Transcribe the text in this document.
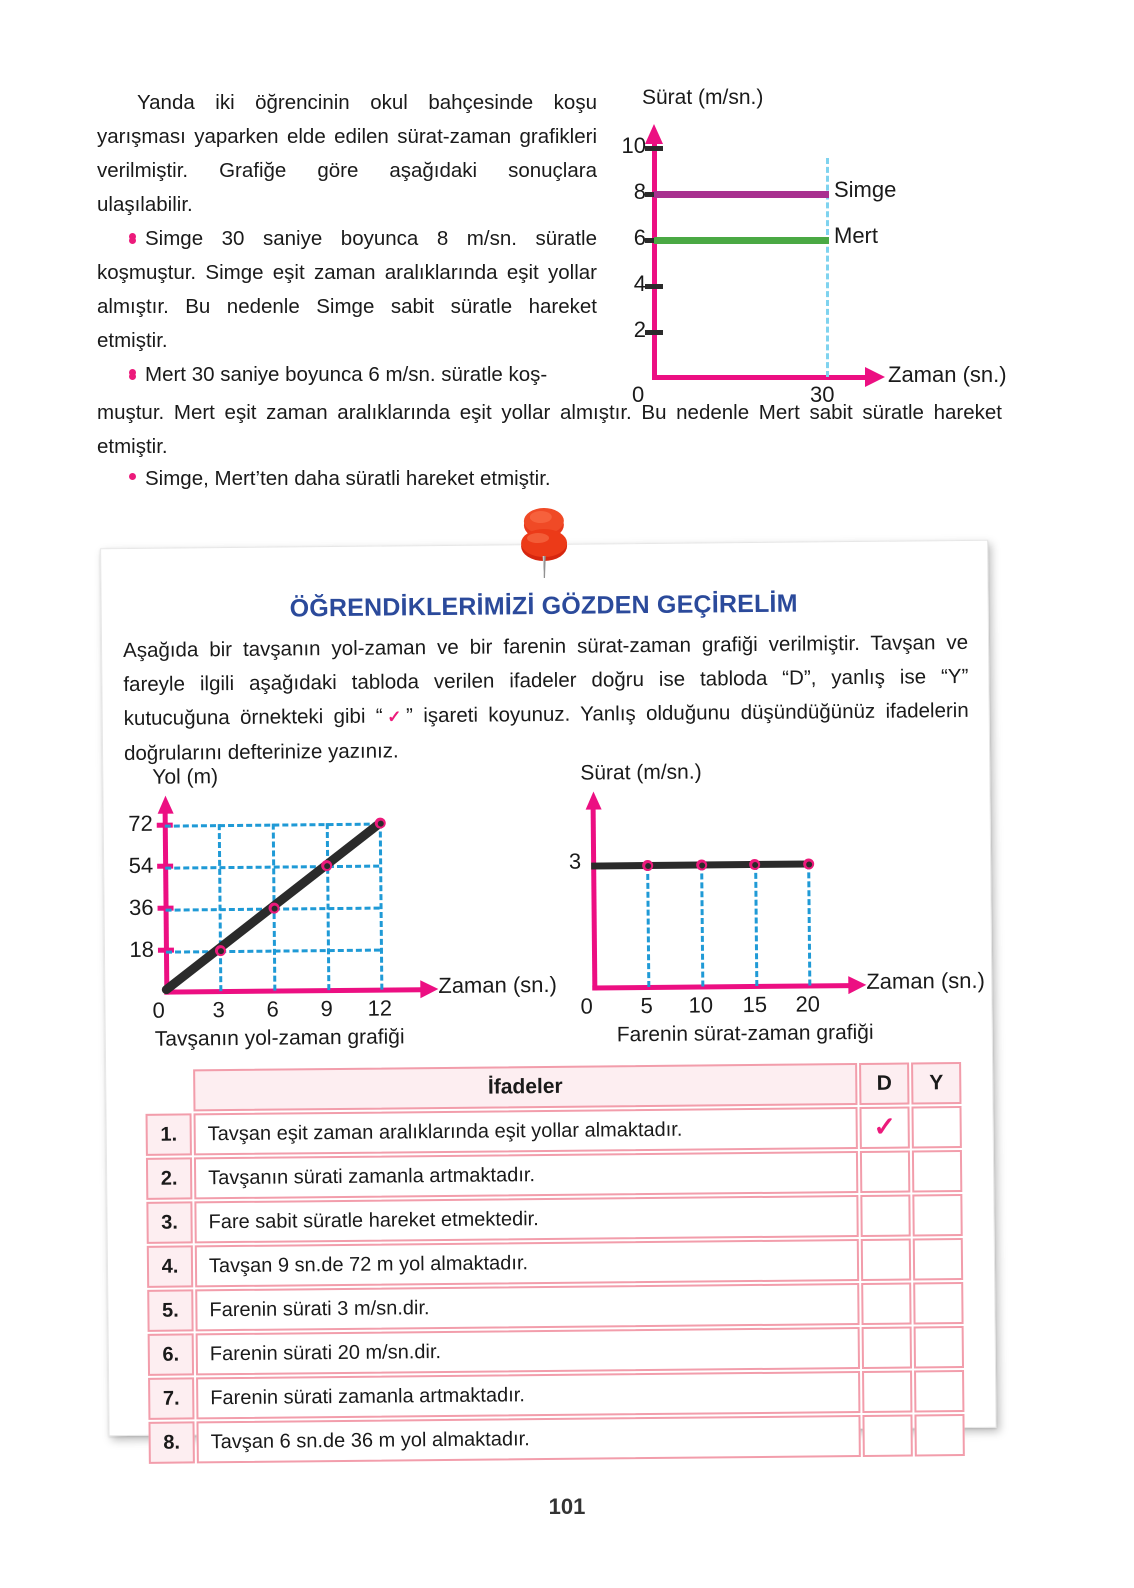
Yanda iki öğrencinin okul bahçesinde koşu yarışması yaparken elde edilen sürat-zaman grafikleri verilmiştir. Grafiğe göre aşağıdaki sonuçlara ulaşılabilir.

Simge 30 saniye boyunca 8 m/sn. süratle koşmuştur. Simge eşit zaman aralıklarında eşit yollar almıştır. Bu nedenle Simge sabit süratle hareket etmiştir.

Mert 30 saniye boyunca 6 m/sn. süratle koş-

muştur. Mert eşit zaman aralıklarında eşit yollar almıştır. Bu nedenle Mert sabit süratle hareket etmiştir.

Simge, Mert’ten daha süratli hareket etmiştir.

Sürat (m/sn.)
10
8
6
4
2
Simge
Mert
0	30
Zaman (sn.)
ÖĞRENDİKLERİMİZİ GÖZDEN GEÇİRELİM
Aşağıda bir tavşanın yol-zaman ve bir farenin sürat-zaman grafiği verilmiştir. Tavşan ve fareyle ilgili aşağıdaki tabloda verilen ifadeler doğru ise tabloda “D”, yanlış ise “Y” kutucuğuna örnekteki gibi “✓” işareti koyunuz. Yanlış olduğunu düşündüğünüz ifadelerin doğrularını defterinize yazınız.
Yol (m)
72
54
36
18
0 3 6 9 12
Zaman (sn.)
Tavşanın yol-zaman grafiği
Sürat (m/sn.)
3
0 5 10 15 20
Zaman (sn.)
Farenin sürat-zaman grafiği
	İfadeler	D	Y
1.	Tavşan eşit zaman aralıklarında eşit yollar almaktadır.	✓	
2.	Tavşanın sürati zamanla artmaktadır.		
3.	Fare sabit süratle hareket etmektedir.		
4.	Tavşan 9 sn.de 72 m yol almaktadır.		
5.	Farenin sürati 3 m/sn.dir.		
6.	Farenin sürati 20 m/sn.dir.		
7.	Farenin sürati zamanla artmaktadır.		
8.	Tavşan 6 sn.de 36 m yol almaktadır.		
101
